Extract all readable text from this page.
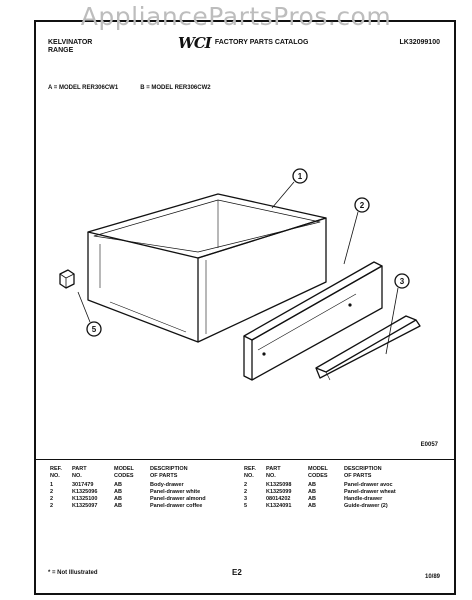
AppliancePartsPros.com
KELVINATOR
RANGE	WCI FACTORY PARTS CATALOG	LK32099100
A = MODEL RER306CW1	B = MODEL RER306CW2
1
2
3
5
E0057
REF.
NO.
PART
NO.
MODEL
CODES
DESCRIPTION
OF PARTS
1	3017479	AB	Body-drawer
2	K1325096	AB	Panel-drawer white
2	K1325100	AB	Panel-drawer almond
2	K1325097	AB	Panel-drawer coffee
REF.
NO.
PART
NO.
MODEL
CODES
DESCRIPTION
OF PARTS
2	K1325098	AB	Panel-drawer avoc
2	K1325099	AB	Panel-drawer wheat
3	08014202	AB	Handle-drawer
5	K1324091	AB	Guide-drawer (2)
* = Not Illustrated	E2	10/89
